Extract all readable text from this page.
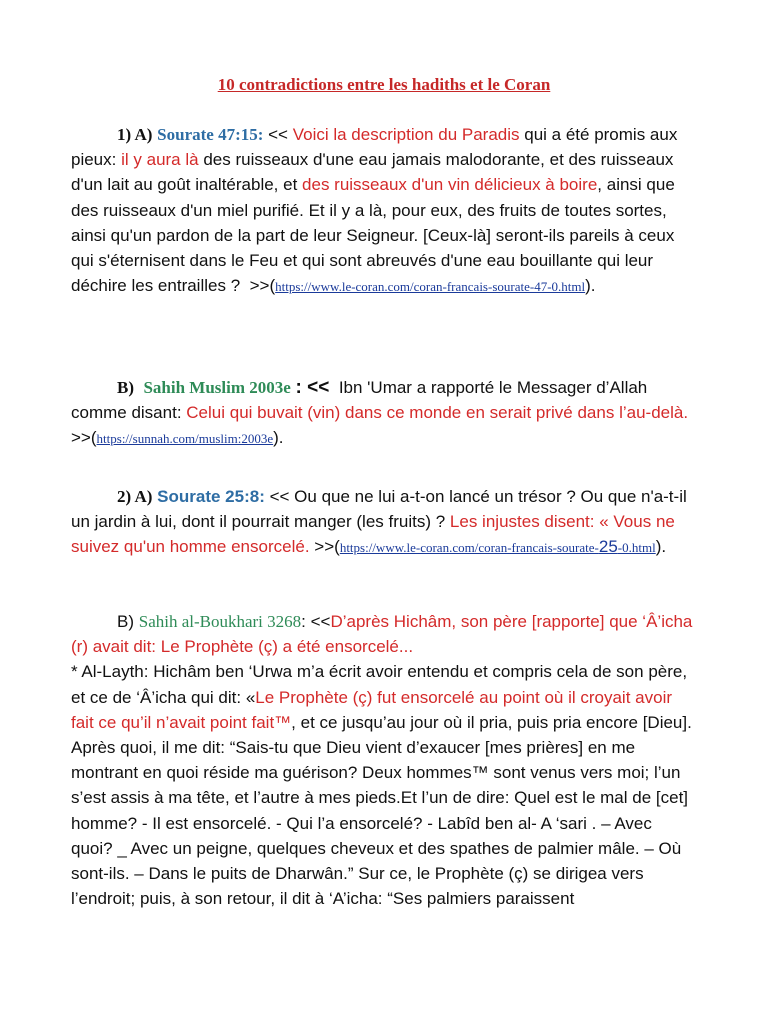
10 contradictions entre les hadiths et le Coran
1) A) Sourate 47:15: << Voici la description du Paradis qui a été promis aux pieux: il y aura là des ruisseaux d'une eau jamais malodorante, et des ruisseaux d'un lait au goût inaltérable, et des ruisseaux d'un vin délicieux à boire, ainsi que des ruisseaux d'un miel purifié. Et il y a là, pour eux, des fruits de toutes sortes, ainsi qu'un pardon de la part de leur Seigneur. [Ceux-là] seront-ils pareils à ceux qui s'éternisent dans le Feu et qui sont abreuvés d'une eau bouillante qui leur déchire les entrailles ? >>(https://www.le-coran.com/coran-francais-sourate-47-0.html).
B) Sahih Muslim 2003e : << Ibn 'Umar a rapporté le Messager d’Allah comme disant: Celui qui buvait (vin) dans ce monde en serait privé dans l’au-delà. >>(https://sunnah.com/muslim:2003e).
2) A) Sourate 25:8: << Ou que ne lui a-t-on lancé un trésor ? Ou que n'a-t-il un jardin à lui, dont il pourrait manger (les fruits) ? Les injustes disent: « Vous ne suivez qu'un homme ensorcelé. >>(https://www.le-coran.com/coran-francais-sourate-25-0.html).
B) Sahih al-Boukhari 3268: <<D’après Hichâm, son père [rapporte] que ‘Â’icha (r) avait dit: Le Prophète (ç) a été ensorcelé...
* Al-Layth: Hichâm ben ‘Urwa m’a écrit avoir entendu et compris cela de son père, et ce de ‘Â’icha qui dit: «Le Prophète (ç) fut ensorcelé au point où il croyait avoir fait ce qu’il n’avait point fait™, et ce jusqu’au jour où il pria, puis pria encore [Dieu]. Après quoi, il me dit: “Sais-tu que Dieu vient d’exaucer [mes prières] en me montrant en quoi réside ma guérison? Deux hommes™ sont venus vers moi; l’un s’est assis à ma tête, et l’autre à mes pieds.Et l’un de dire: Quel est le mal de [cet] homme? - Il est ensorcelé. - Qui l’a ensorcelé? - Labîd ben al- A ‘sari . – Avec quoi? _ Avec un peigne, quelques cheveux et des spathes de palmier mâle. – Où sont-ils. – Dans le puits de Dharwân.” Sur ce, le Prophète (ç) se dirigea vers l’endroit; puis, à son retour, il dit à ‘A’icha: “Ses palmiers paraissent
